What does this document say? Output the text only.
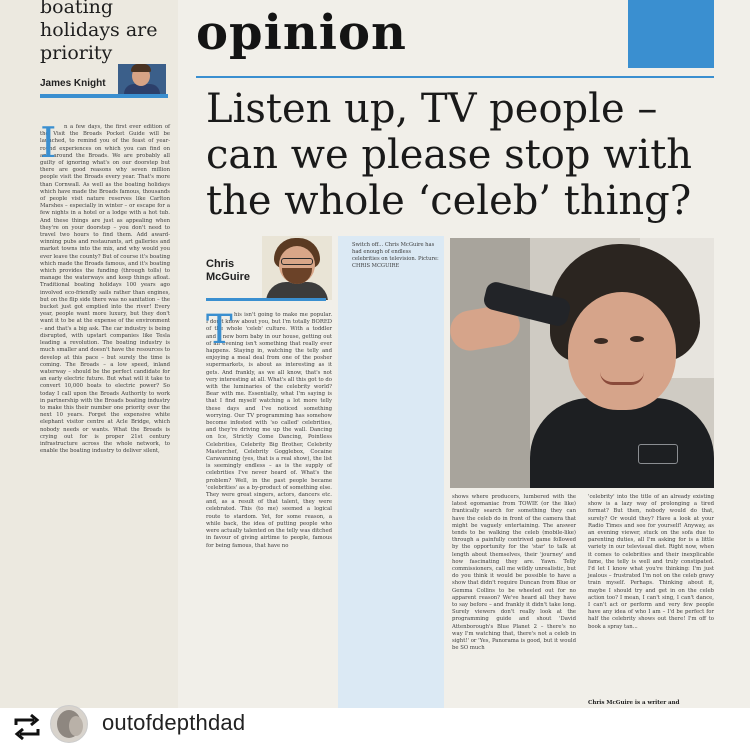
boating holidays are priority
James Knight

n a few days, the first ever edition of the Visit the Broads Pocket Guide will be launched, to remind you of the feast of year-round experiences on which you can find on and around the Broads. We are probably all guilty of ignoring what's on our doorstep but there are good reasons why seven million people visit the Broads every year. That's more than Cornwall. As well as the boating holidays which have made the Broads famous, thousands of people visit nature reserves like Carlton Marshes – especially in winter – or escape for a few nights in a hotel or a lodge with a hot tub. And these things are just as appealing when they're on your doorstep – you don't need to travel two hours to find them. Add award-winning pubs and restaurants, art galleries and market towns into the mix, and why would you ever leave the county? But of course it's boating which made the Broads famous, and it's boating which provides the funding (through tolls) to manage the waterways and keep things afloat. Traditional boating holidays 100 years ago involved eco-friendly sails rather than engines, but on the flip side there was no sanitation – the bucket just got emptied into the river! Every year, people want more luxury, but they don't want it to be at the expense of the environment – and that's a big ask. The car industry is being disrupted, with upstart companies like Tesla leading a revolution. The boating industry is much smaller and doesn't have the resources to develop at this pace – but surely the time is coming. The Broads – a low speed, inland waterway – should be the perfect candidate for an early electric future. But what will it take to convert 10,000 boats to electric power? So today I call upon the Broads Authority to work in partnership with the Broads boating industry to make this their number one priority over the next 10 years. Forget the expensive white elephant visitor centre at Acle Bridge, which nobody needs or wants. What the Broads is crying out for is proper 21st century infrastructure across the whole network, to enable the boating industry to deliver silent,

I
opinion
Listen up, TV people – can we please stop with the whole ‘celeb’ thing?
Chris McGuire

Switch off... Chris McGuire has had enough of endless celebrities on television. Picture: CHRIS MCGUIRE

his isn't going to make me popular. I don't know about you, but I'm totally BORED of the whole 'celeb' culture. With a toddler and a new born baby in our house, getting out of an evening isn't something that really ever happens. Staying in, watching the telly and enjoying a meal deal from one of the posher supermarkets, is about as interesting as it gets. And frankly, as we all know, that's not very interesting at all. What's all this got to do with the luminaries of the celebrity world? Bear with me. Essentially, what I'm saying is that I find myself watching a lot more telly these days and I've noticed something worrying. Our TV programming has somehow become infested with 'so called' celebrities, and they're driving me up the wall. Dancing on Ice, Strictly Come Dancing, Pointless Celebrities, Celebrity Big Brother, Celebrity Masterchef, Celebrity Gogglebox, Cocaine Caravanning (yes, that is a real show), the list is seemingly endless – as is the supply of celebrities I've never heard of. What's the problem? Well, in the past people became 'celebrities' as a by-product of something else. They were great singers, actors, dancers etc. and, as a result of that talent, they were celebrated. This (to me) seemed a logical route to stardom. Yet, for some reason, a while back, the idea of putting people who were actually talented on the telly was ditched in favour of giving airtime to people, famous for being famous, that have no

T

shows where producers, lumbered with the latest egomaniac from TOWIE (or the like) frantically search for something they can have the celeb do in front of the camera that might be vaguely entertaining. The answer tends to be walking the celeb (mobile-like) through a painfully contrived game followed by the opportunity for the 'star' to talk at length about themselves, their 'journey' and how fascinating they are. Yawn. Telly commissioners, call me wildly unrealistic, but do you think it would be possible to have a show that didn't require Duncan from Blue or Gemma Collins to be wheeled out for no apparent reason? We've heard all they have to say before – and frankly it didn't take long. Surely viewers don't really look at the programming guide and shout 'David Attenborough's Blue Planet 2 – there's no way I'm watching that, there's not a celeb in sight!' or 'Yes, Panorama is good, but it would be SO much

'celebrity' into the title of an already existing show is a lazy way of prolonging a tired format? But then, nobody would do that, surely? Or would they? Have a look at your Radio Times and see for yourself! Anyway, as an evening viewer, stuck on the sofa due to parenting duties, all I'm asking for is a little variety in our televisual diet. Right now, when it comes to celebrities and their inexplicable fame, the telly is well and truly constipated. I'd let I know what you're thinking: I'm just jealous – frustrated I'm not on the celeb gravy train myself. Perhaps. Thinking about it, maybe I should try and get in on the celeb action too? I mean, I can't sing, I can't dance, I can't act or perform and very few people have any idea of who I am – I'd be perfect for half the celebrity shows out there! I'm off to book a spray tan...

Chris McGuire is a writer and
outofdepthdad
